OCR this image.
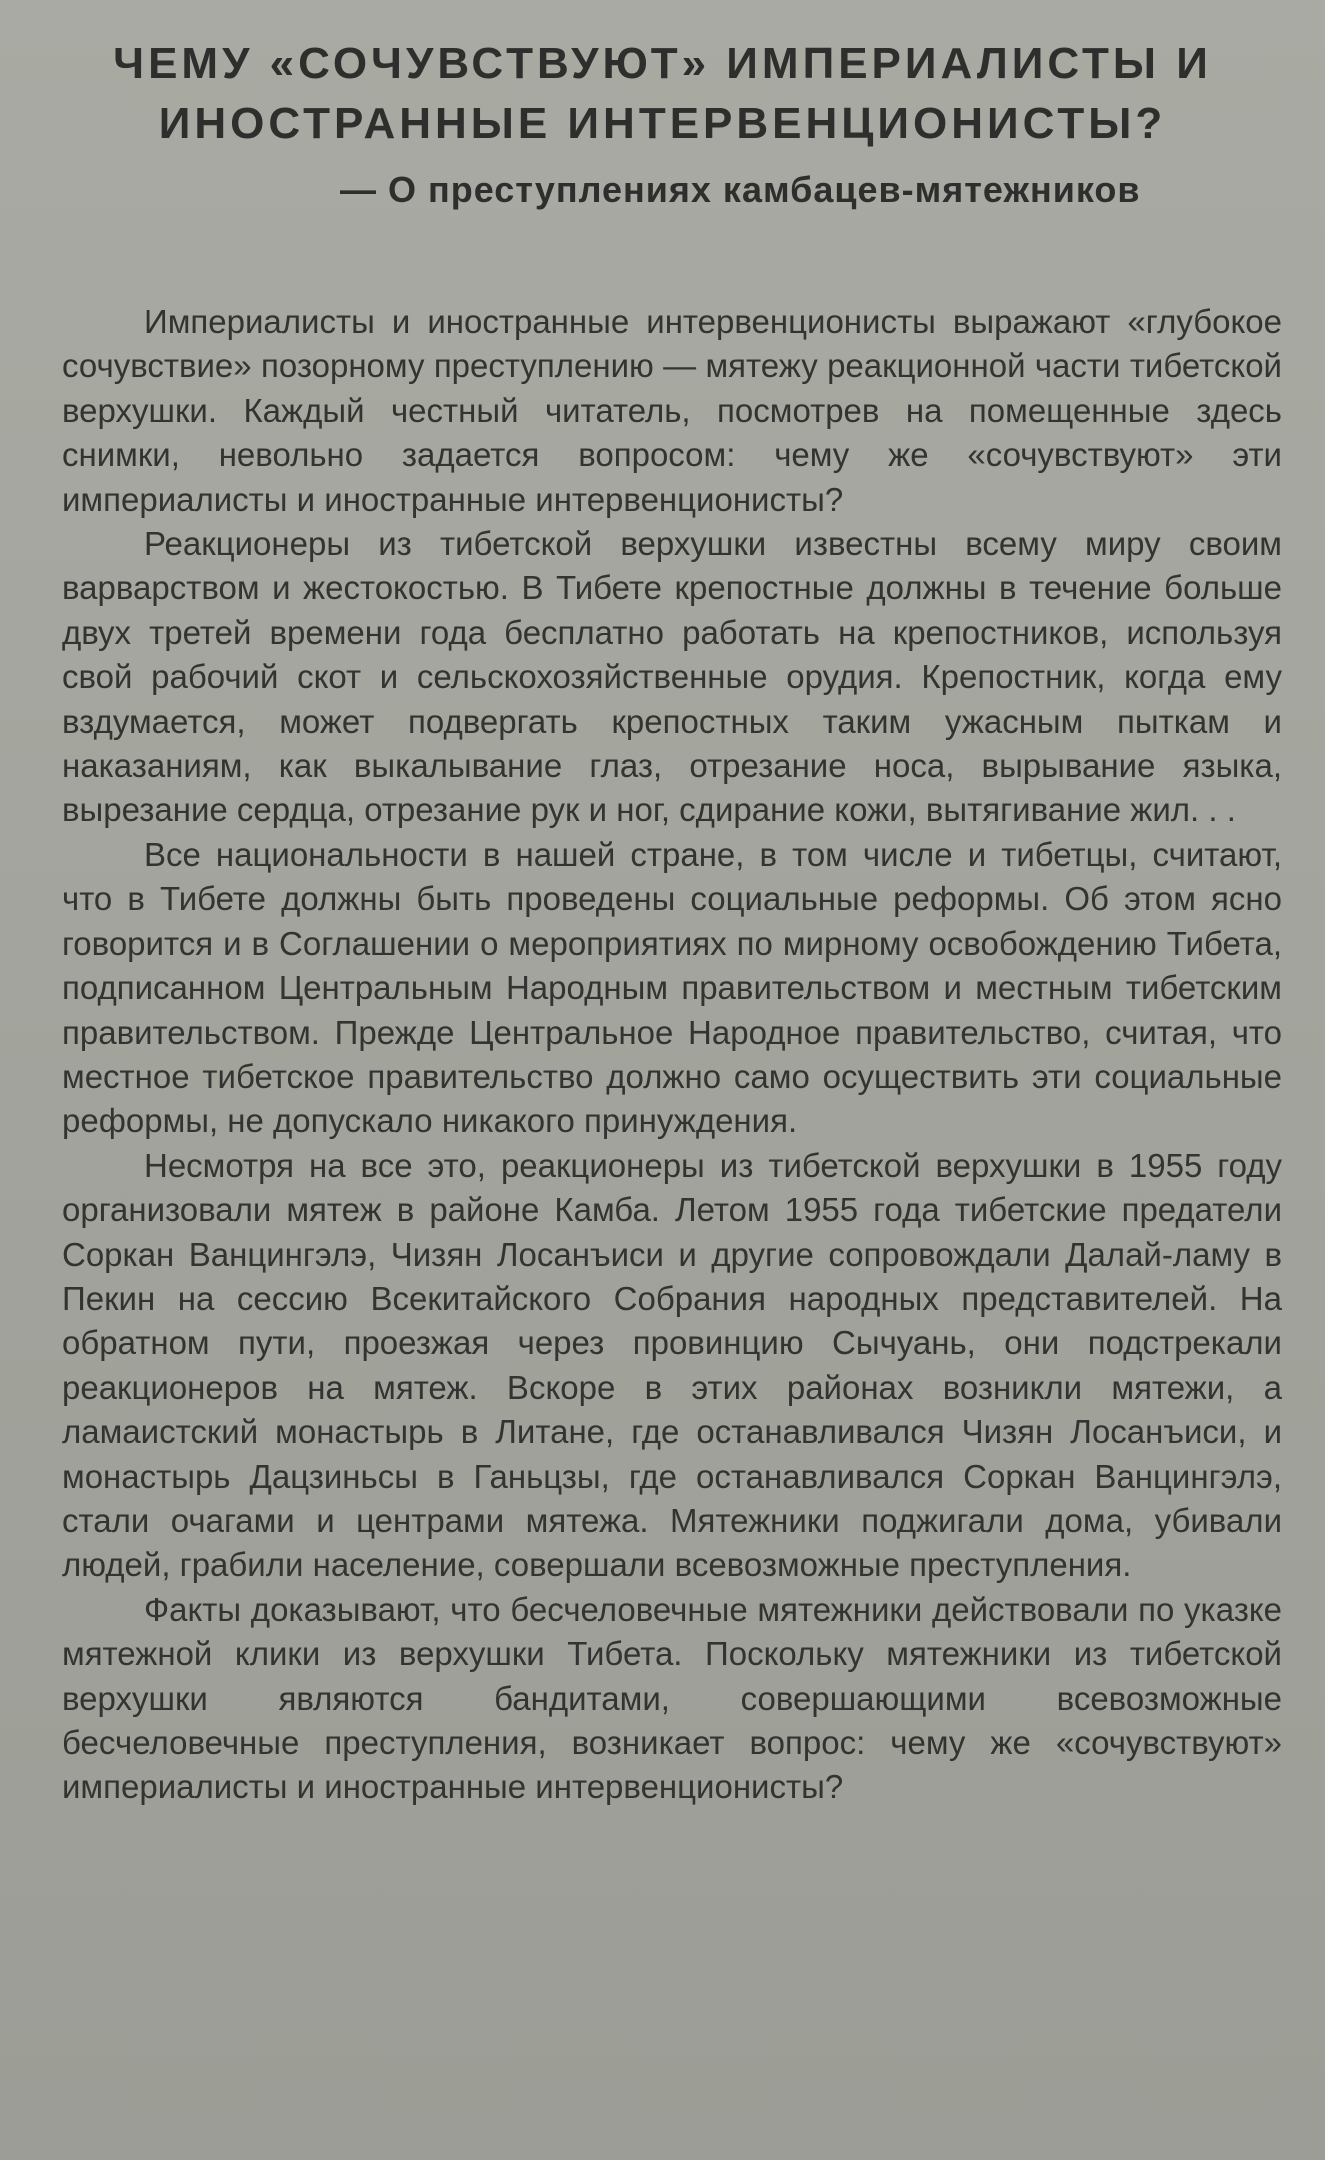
ЧЕМУ «СОЧУВСТВУЮТ» ИМПЕРИАЛИСТЫ И
ИНОСТРАННЫЕ ИНТЕРВЕНЦИОНИСТЫ?
— О преступлениях камбацев-мятежников

Империалисты и иностранные интервенционисты выражают «глубокое сочувствие» позорному преступлению — мятежу реакционной части тибетской верхушки. Каждый честный читатель, посмотрев на помещенные здесь снимки, невольно задается вопросом: чему же «сочувствуют» эти империалисты и иностранные интервенционисты?

Реакционеры из тибетской верхушки известны всему миру своим варварством и жестокостью. В Тибете крепостные должны в течение больше двух третей времени года бесплатно работать на крепостников, используя свой рабочий скот и сельскохозяйственные орудия. Крепостник, когда ему вздумается, может подвергать крепостных таким ужасным пыткам и наказаниям, как выкалывание глаз, отрезание носа, вырывание языка, вырезание сердца, отрезание рук и ног, сдирание кожи, вытягивание жил. . .

Все национальности в нашей стране, в том числе и тибетцы, считают, что в Тибете должны быть проведены социальные реформы. Об этом ясно говорится и в Соглашении о мероприятиях по мирному освобождению Тибета, подписанном Центральным Народным правительством и местным тибетским правительством. Прежде Центральное Народное правительство, считая, что местное тибетское правительство должно само осуществить эти социальные реформы, не допускало никакого принуждения.

Несмотря на все это, реакционеры из тибетской верхушки в 1955 году организовали мятеж в районе Камба. Летом 1955 года тибетские предатели Соркан Ванцингэлэ, Чизян Лосанъиси и другие сопровождали Далай-ламу в Пекин на сессию Всекитайского Собрания народных представителей. На обратном пути, проезжая через провинцию Сычуань, они подстрекали реакционеров на мятеж. Вскоре в этих районах возникли мятежи, а ламаистский монастырь в Литане, где останавливался Чизян Лосанъиси, и монастырь Дацзиньсы в Ганьцзы, где останавливался Соркан Ванцингэлэ, стали очагами и центрами мятежа. Мятежники поджигали дома, убивали людей, грабили население, совершали всевозможные преступления.

Факты доказывают, что бесчеловечные мятежники действовали по указке мятежной клики из верхушки Тибета. Поскольку мятежники из тибетской верхушки являются бандитами, совершающими всевозможные бесчеловечные преступления, возникает вопрос: чему же «сочувствуют» империалисты и иностранные интервенционисты?
